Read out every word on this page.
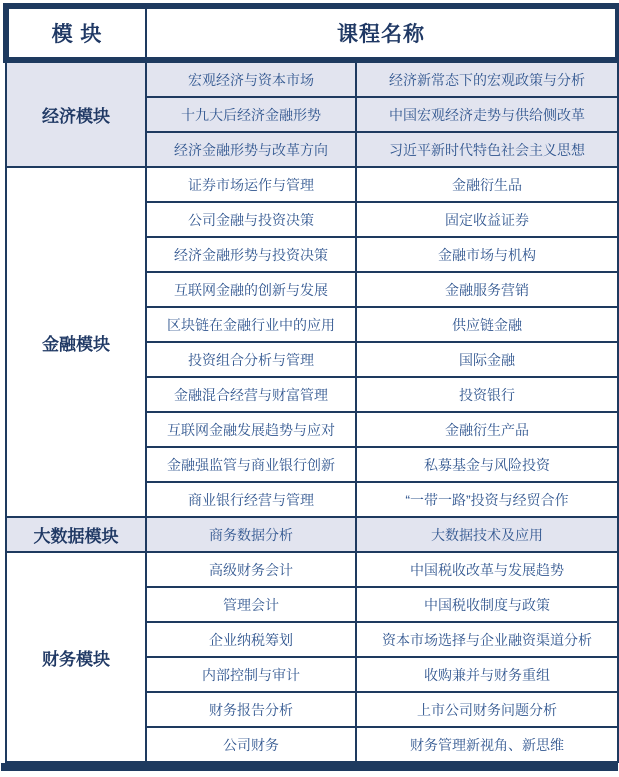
模 块	课程名称	
经济模块	宏观经济与资本市场	经济新常态下的宏观政策与分析
	十九大后经济金融形势	中国宏观经济走势与供给侧改革
	经济金融形势与改革方向	习近平新时代特色社会主义思想
金融模块	证券市场运作与管理	金融衍生品
	公司金融与投资决策	固定收益证券
	经济金融形势与投资决策	金融市场与机构
	互联网金融的创新与发展	金融服务营销
	区块链在金融行业中的应用	供应链金融
	投资组合分析与管理	国际金融
	金融混合经营与财富管理	投资银行
	互联网金融发展趋势与应对	金融衍生产品
	金融强监管与商业银行创新	私募基金与风险投资
	商业银行经营与管理	“一带一路”投资与经贸合作
大数据模块	商务数据分析	大数据技术及应用
财务模块	高级财务会计	中国税收改革与发展趋势
	管理会计	中国税收制度与政策
	企业纳税筹划	资本市场选择与企业融资渠道分析
	内部控制与审计	收购兼并与财务重组
	财务报告分析	上市公司财务问题分析
	公司财务	财务管理新视角、新思维
